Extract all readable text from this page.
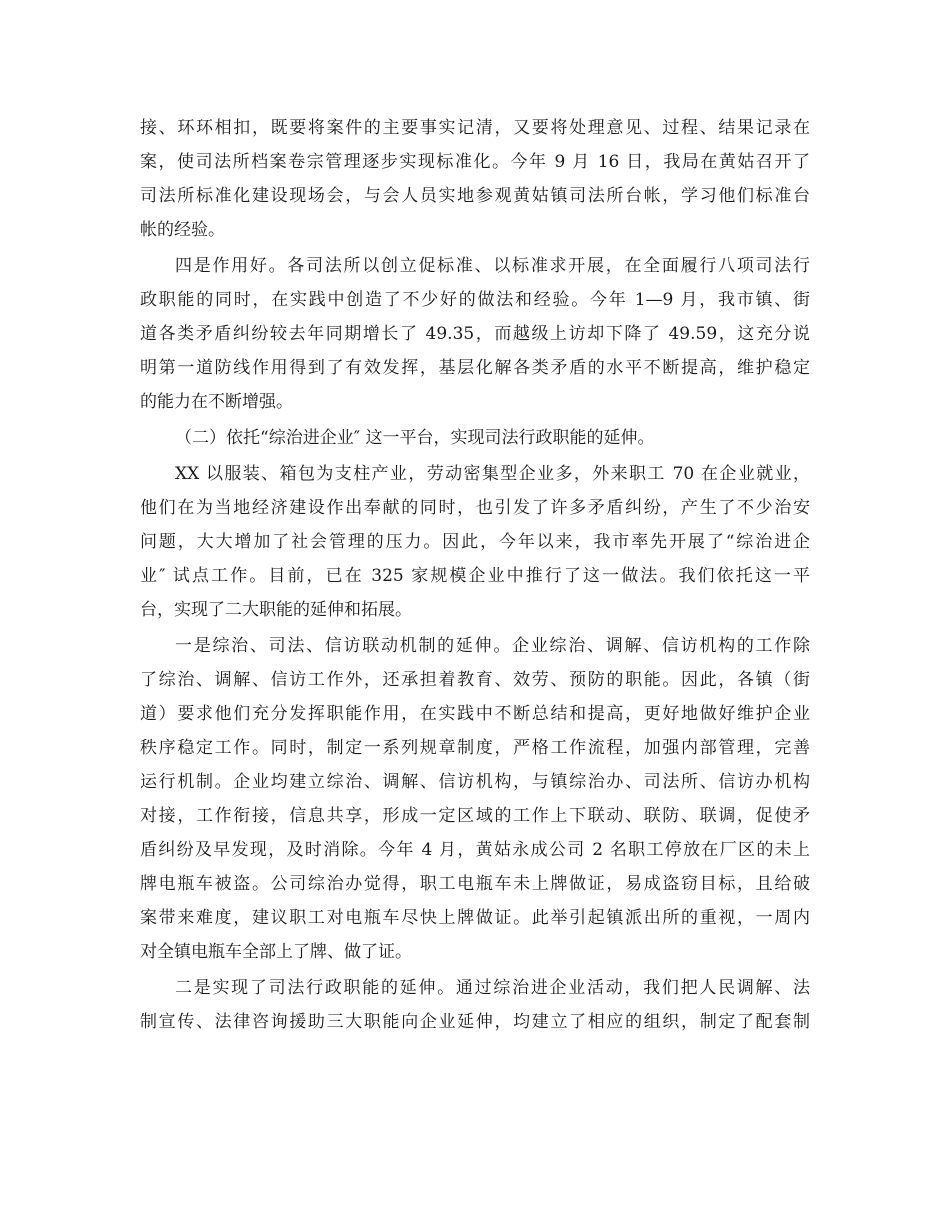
接、环环相扣，既要将案件的主要事实记清，又要将处理意见、过程、结果记录在
案，使司法所档案卷宗管理逐步实现标准化。今年 9 月 16 日，我局在黄姑召开了
司法所标准化建设现场会，与会人员实地参观黄姑镇司法所台帐，学习他们标准台
帐的经验。
四是作用好。各司法所以创立促标准、以标准求开展，在全面履行八项司法行
政职能的同时，在实践中创造了不少好的做法和经验。今年 1—9 月，我市镇、街
道各类矛盾纠纷较去年同期增长了 49.35，而越级上访却下降了 49.59，这充分说
明第一道防线作用得到了有效发挥，基层化解各类矛盾的水平不断提高，维护稳定
的能力在不断增强。
（二）依托“综治进企业″ 这一平台，实现司法行政职能的延伸。
XX 以服装、箱包为支柱产业，劳动密集型企业多，外来职工 70 在企业就业，
他们在为当地经济建设作出奉献的同时，也引发了许多矛盾纠纷，产生了不少治安
问题，大大增加了社会管理的压力。因此，今年以来，我市率先开展了“综治进企
业″ 试点工作。目前，已在 325 家规模企业中推行了这一做法。我们依托这一平
台，实现了二大职能的延伸和拓展。
一是综治、司法、信访联动机制的延伸。企业综治、调解、信访机构的工作除
了综治、调解、信访工作外，还承担着教育、效劳、预防的职能。因此，各镇（街
道）要求他们充分发挥职能作用，在实践中不断总结和提高，更好地做好维护企业
秩序稳定工作。同时，制定一系列规章制度，严格工作流程，加强内部管理，完善
运行机制。企业均建立综治、调解、信访机构，与镇综治办、司法所、信访办机构
对接，工作衔接，信息共享，形成一定区域的工作上下联动、联防、联调，促使矛
盾纠纷及早发现，及时消除。今年 4 月，黄姑永成公司 2 名职工停放在厂区的未上
牌电瓶车被盗。公司综治办觉得，职工电瓶车未上牌做证，易成盗窃目标，且给破
案带来难度，建议职工对电瓶车尽快上牌做证。此举引起镇派出所的重视，一周内
对全镇电瓶车全部上了牌、做了证。
二是实现了司法行政职能的延伸。通过综治进企业活动，我们把人民调解、法
制宣传、法律咨询援助三大职能向企业延伸，均建立了相应的组织，制定了配套制
